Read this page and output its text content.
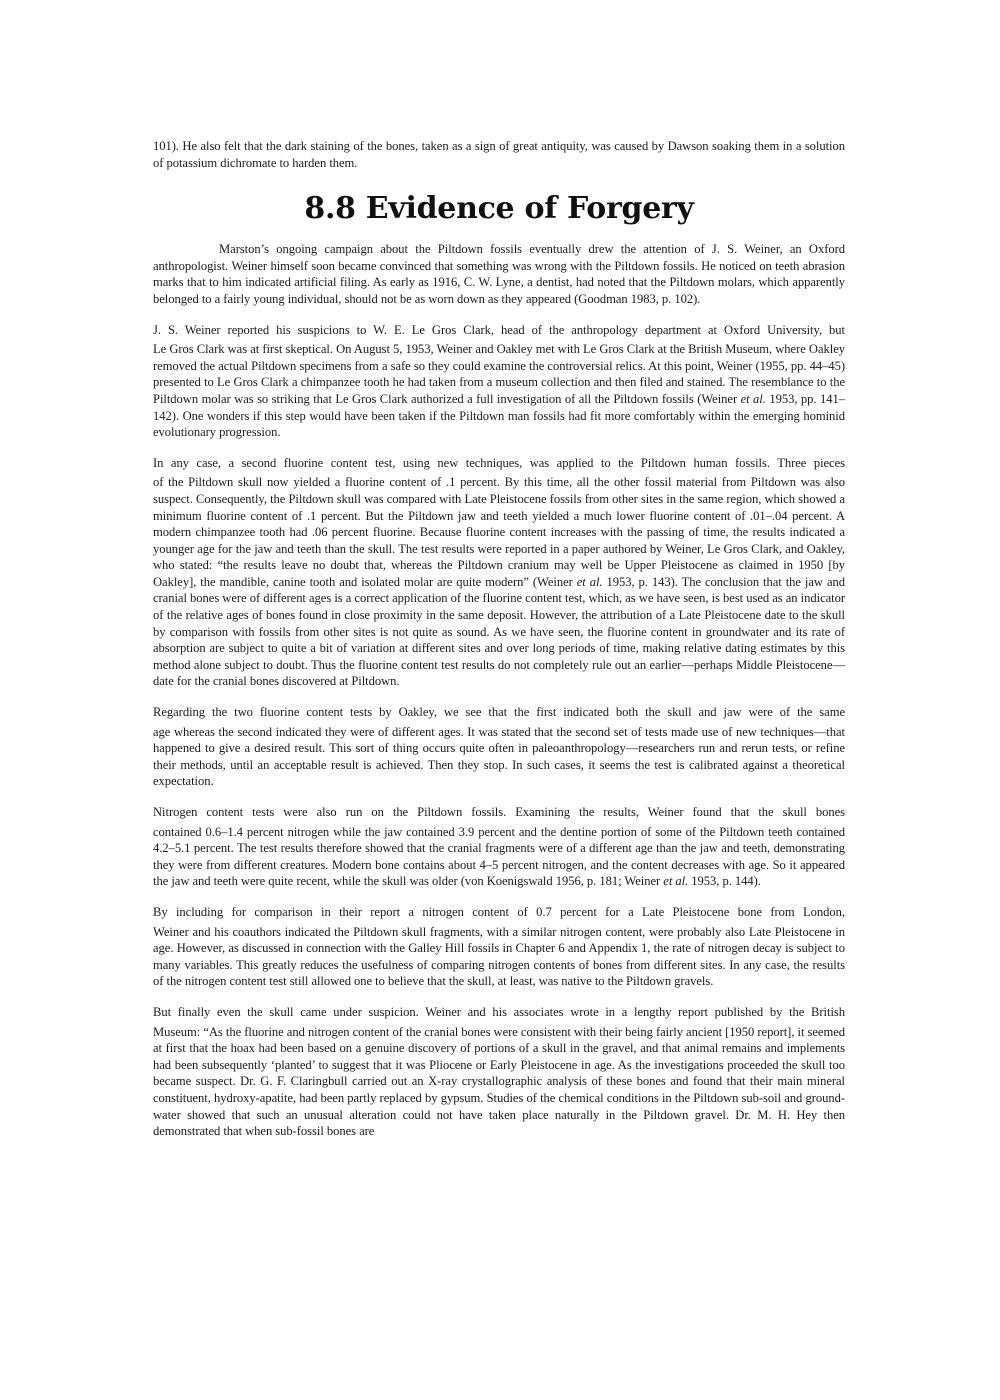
101). He also felt that the dark staining of the bones, taken as a sign of great antiquity, was caused by Dawson soaking them in a solution of potassium dichromate to harden them.

8.8 Evidence of Forgery

Marston’s ongoing campaign about the Piltdown fossils eventually drew the attention of J. S. Weiner, an Oxford anthropologist. Weiner himself soon became convinced that something was wrong with the Piltdown fossils. He noticed on teeth abrasion marks that to him indicated artificial filing. As early as 1916, C. W. Lyne, a dentist, had noted that the Piltdown molars, which apparently belonged to a fairly young individual, should not be as worn down as they appeared (Goodman 1983, p. 102).

J. S. Weiner reported his suspicions to W. E. Le Gros Clark, head of the anthropology department at Oxford University, but
Le Gros Clark was at first skeptical. On August 5, 1953, Weiner and Oakley met with Le Gros Clark at the British Museum, where Oakley removed the actual Piltdown specimens from a safe so they could examine the controversial relics. At this point, Weiner (1955, pp. 44–45) presented to Le Gros Clark a chimpanzee tooth he had taken from a museum collection and then filed and stained. The resemblance to the Piltdown molar was so striking that Le Gros Clark authorized a full investigation of all the Piltdown fossils (Weiner et al. 1953, pp. 141–142). One wonders if this step would have been taken if the Piltdown man fossils had fit more comfortably within the emerging hominid evolutionary progression.
In any case, a second fluorine content test, using new techniques, was applied to the Piltdown human fossils. Three pieces
of the Piltdown skull now yielded a fluorine content of .1 percent. By this time, all the other fossil material from Piltdown was also suspect. Consequently, the Piltdown skull was compared with Late Pleistocene fossils from other sites in the same region, which showed a minimum fluorine content of .1 percent. But the Piltdown jaw and teeth yielded a much lower fluorine content of .01–.04 percent. A modern chimpanzee tooth had .06 percent fluorine. Because fluorine content increases with the passing of time, the results indicated a younger age for the jaw and teeth than the skull. The test results were reported in a paper authored by Weiner, Le Gros Clark, and Oakley, who stated: “the results leave no doubt that, whereas the Piltdown cranium may well be Upper Pleistocene as claimed in 1950 [by Oakley], the mandible, canine tooth and isolated molar are quite modern” (Weiner et al. 1953, p. 143). The conclusion that the jaw and cranial bones were of different ages is a correct application of the fluorine content test, which, as we have seen, is best used as an indicator of the relative ages of bones found in close proximity in the same deposit. However, the attribution of a Late Pleistocene date to the skull by comparison with fossils from other sites is not quite as sound. As we have seen, the fluorine content in groundwater and its rate of absorption are subject to quite a bit of variation at different sites and over long periods of time, making relative dating estimates by this method alone subject to doubt. Thus the fluorine content test results do not completely rule out an earlier—perhaps Middle Pleistocene— date for the cranial bones discovered at Piltdown.
Regarding the two fluorine content tests by Oakley, we see that the first indicated both the skull and jaw were of the same
age whereas the second indicated they were of different ages. It was stated that the second set of tests made use of new techniques—that happened to give a desired result. This sort of thing occurs quite often in paleoanthropology—researchers run and rerun tests, or refine their methods, until an acceptable result is achieved. Then they stop. In such cases, it seems the test is calibrated against a theoretical expectation.
Nitrogen content tests were also run on the Piltdown fossils. Examining the results, Weiner found that the skull bones
contained 0.6–1.4 percent nitrogen while the jaw contained 3.9 percent and the dentine portion of some of the Piltdown teeth contained 4.2–5.1 percent. The test results therefore showed that the cranial fragments were of a different age than the jaw and teeth, demonstrating they were from different creatures. Modern bone contains about 4–5 percent nitrogen, and the content decreases with age. So it appeared the jaw and teeth were quite recent, while the skull was older (von Koenigswald 1956, p. 181; Weiner et al. 1953, p. 144).
By including for comparison in their report a nitrogen content of 0.7 percent for a Late Pleistocene bone from London,
Weiner and his coauthors indicated the Piltdown skull fragments, with a similar nitrogen content, were probably also Late Pleistocene in age. However, as discussed in connection with the Galley Hill fossils in Chapter 6 and Appendix 1, the rate of nitrogen decay is subject to many variables. This greatly reduces the usefulness of comparing nitrogen contents of bones from different sites. In any case, the results of the nitrogen content test still allowed one to believe that the skull, at least, was native to the Piltdown gravels.
But finally even the skull came under suspicion. Weiner and his associates wrote in a lengthy report published by the British
Museum: “As the fluorine and nitrogen content of the cranial bones were consistent with their being fairly ancient [1950 report], it seemed at first that the hoax had been based on a genuine discovery of portions of a skull in the gravel, and that animal remains and implements had been subsequently ‘planted’ to suggest that it was Pliocene or Early Pleistocene in age. As the investigations proceeded the skull too became suspect. Dr. G. F. Claringbull carried out an X-ray crystallographic analysis of these bones and found that their main mineral constituent, hydroxy-apatite, had been partly replaced by gypsum. Studies of the chemical conditions in the Piltdown sub-soil and ground-water showed that such an unusual alteration could not have taken place naturally in the Piltdown gravel. Dr. M. H. Hey then demonstrated that when sub-fossil bones are
